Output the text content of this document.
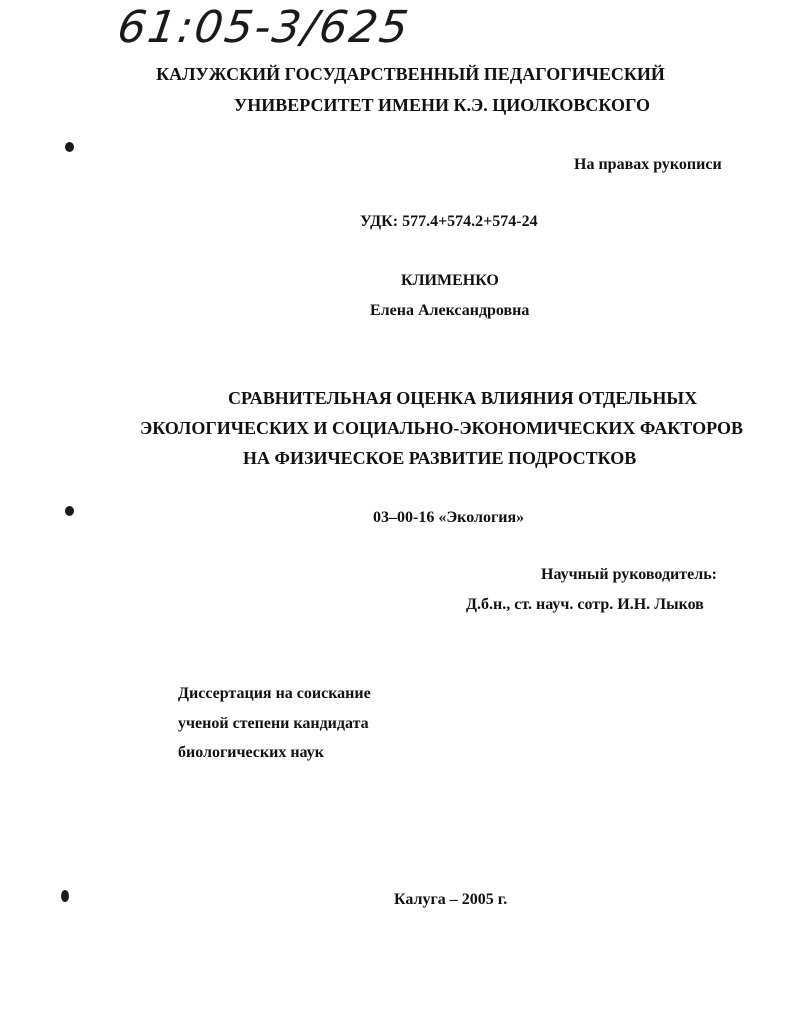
61:05-3/625
КАЛУЖСКИЙ ГОСУДАРСТВЕННЫЙ ПЕДАГОГИЧЕСКИЙ
УНИВЕРСИТЕТ ИМЕНИ К.Э. ЦИОЛКОВСКОГО
На правах рукописи
УДК: 577.4+574.2+574-24
КЛИМЕНКО
Елена Александровна
СРАВНИТЕЛЬНАЯ ОЦЕНКА ВЛИЯНИЯ ОТДЕЛЬНЫХ
ЭКОЛОГИЧЕСКИХ И СОЦИАЛЬНО-ЭКОНОМИЧЕСКИХ ФАКТОРОВ
НА ФИЗИЧЕСКОЕ РАЗВИТИЕ ПОДРОСТКОВ
03–00-16 «Экология»
Научный руководитель:
Д.б.н., ст. науч. сотр. И.Н. Лыков
Диссертация на соискание
ученой степени кандидата
биологических наук
Калуга – 2005 г.
